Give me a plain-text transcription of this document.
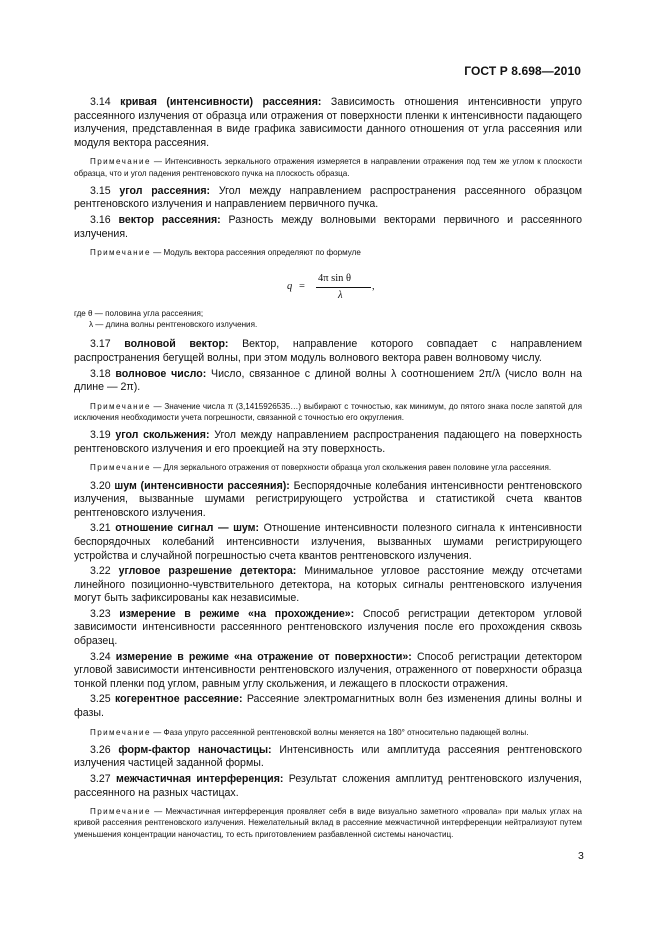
ГОСТ Р 8.698—2010

3.14 кривая (интенсивности) рассеяния: Зависимость отношения интенсивности упруго рассеянного излучения от образца или отражения от поверхности пленки к интенсивности падающего излучения, представленная в виде графика зависимости данного отношения от угла рассеяния или модуля вектора рассеяния.

Примечание — Интенсивность зеркального отражения измеряется в направлении отражения под тем же углом к плоскости образца, что и угол падения рентгеновского пучка на плоскость образца.

3.15 угол рассеяния: Угол между направлением распространения рассеянного образцом рентгеновского излучения и направлением первичного пучка.

3.16 вектор рассеяния: Разность между волновыми векторами первичного и рассеянного излучения.

Примечание — Модуль вектора рассеяния определяют по формуле

q =
4π sin θ
λ
,

где θ — половина угла рассеяния;

λ — длина волны рентгеновского излучения.

3.17 волновой вектор: Вектор, направление которого совпадает с направлением распространения бегущей волны, при этом модуль волнового вектора равен волновому числу.

3.18 волновое число: Число, связанное с длиной волны λ соотношением 2π/λ (число волн на длине — 2π).

Примечание — Значение числа π (3,1415926535…) выбирают с точностью, как минимум, до пятого знака после запятой для исключения необходимости учета погрешности, связанной с точностью его округления.

3.19 угол скольжения: Угол между направлением распространения падающего на поверхность рентгеновского излучения и его проекцией на эту поверхность.

Примечание — Для зеркального отражения от поверхности образца угол скольжения равен половине угла рассеяния.

3.20 шум (интенсивности рассеяния): Беспорядочные колебания интенсивности рентгеновского излучения, вызванные шумами регистрирующего устройства и статистикой счета квантов рентгеновского излучения.

3.21 отношение сигнал — шум: Отношение интенсивности полезного сигнала к интенсивности беспорядочных колебаний интенсивности излучения, вызванных шумами регистрирующего устройства и случайной погрешностью счета квантов рентгеновского излучения.

3.22 угловое разрешение детектора: Минимальное угловое расстояние между отсчетами линейного позиционно-чувствительного детектора, на которых сигналы рентгеновского излучения могут быть зафиксированы как независимые.

3.23 измерение в режиме «на прохождение»: Способ регистрации детектором угловой зависимости интенсивности рассеянного рентгеновского излучения после его прохождения сквозь образец.

3.24 измерение в режиме «на отражение от поверхности»: Способ регистрации детектором угловой зависимости интенсивности рентгеновского излучения, отраженного от поверхности образца тонкой пленки под углом, равным углу скольжения, и лежащего в плоскости отражения.

3.25 когерентное рассеяние: Рассеяние электромагнитных волн без изменения длины волны и фазы.

Примечание — Фаза упруго рассеянной рентгеновской волны меняется на 180° относительно падающей волны.

3.26 форм-фактор наночастицы: Интенсивность или амплитуда рассеяния рентгеновского излучения частицей заданной формы.

3.27 межчастичная интерференция: Результат сложения амплитуд рентгеновского излучения, рассеянного на разных частицах.

Примечание — Межчастичная интерференция проявляет себя в виде визуально заметного «провала» при малых углах на кривой рассеяния рентгеновского излучения. Нежелательный вклад в рассеяние межчастичной интерференции нейтрализуют путем уменьшения концентрации наночастиц, то есть приготовлением разбавленной системы наночастиц.

3
